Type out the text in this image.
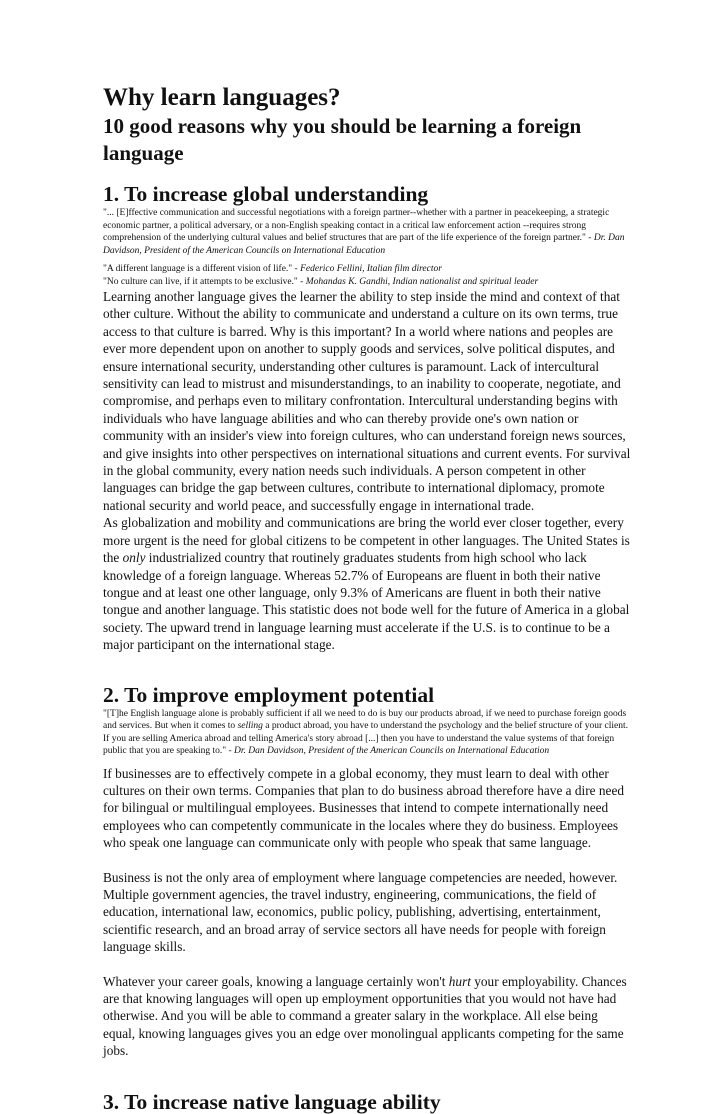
Why learn languages?
10 good reasons why you should be learning a foreign language
1. To increase global understanding

"... [E]ffective communication and successful negotiations with a foreign partner--whether with a partner in peacekeeping, a strategic economic partner, a political adversary, or a non-English speaking contact in a critical law enforcement action --requires strong comprehension of the underlying cultural values and belief structures that are part of the life experience of the foreign partner." - Dr. Dan Davidson, President of the American Councils on International Education

"A different language is a different vision of life." - Federico Fellini, Italian film director

"No culture can live, if it attempts to be exclusive." - Mohandas K. Gandhi, Indian nationalist and spiritual leader

Learning another language gives the learner the ability to step inside the mind and context of that other culture. Without the ability to communicate and understand a culture on its own terms, true access to that culture is barred. Why is this important? In a world where nations and peoples are ever more dependent upon on another to supply goods and services, solve political disputes, and ensure international security, understanding other cultures is paramount. Lack of intercultural sensitivity can lead to mistrust and misunderstandings, to an inability to cooperate, negotiate, and compromise, and perhaps even to military confrontation. Intercultural understanding begins with individuals who have language abilities and who can thereby provide one's own nation or community with an insider's view into foreign cultures, who can understand foreign news sources, and give insights into other perspectives on international situations and current events. For survival in the global community, every nation needs such individuals. A person competent in other languages can bridge the gap between cultures, contribute to international diplomacy, promote national security and world peace, and successfully engage in international trade.

As globalization and mobility and communications are bring the world ever closer together, every more urgent is the need for global citizens to be competent in other languages. The United States is the only industrialized country that routinely graduates students from high school who lack knowledge of a foreign language. Whereas 52.7% of Europeans are fluent in both their native tongue and at least one other language, only 9.3% of Americans are fluent in both their native tongue and another language. This statistic does not bode well for the future of America in a global society. The upward trend in language learning must accelerate if the U.S. is to continue to be a major participant on the international stage.

2. To improve employment potential

"[T]he English language alone is probably sufficient if all we need to do is buy our products abroad, if we need to purchase foreign goods and services. But when it comes to selling a product abroad, you have to understand the psychology and the belief structure of your client. If you are selling America abroad and telling America's story abroad [...] then you have to understand the value systems of that foreign public that you are speaking to." - Dr. Dan Davidson, President of the American Councils on International Education

If businesses are to effectively compete in a global economy, they must learn to deal with other cultures on their own terms. Companies that plan to do business abroad therefore have a dire need for bilingual or multilingual employees. Businesses that intend to compete internationally need employees who can competently communicate in the locales where they do business. Employees who speak one language can communicate only with people who speak that same language.

Business is not the only area of employment where language competencies are needed, however. Multiple government agencies, the travel industry, engineering, communications, the field of education, international law, economics, public policy, publishing, advertising, entertainment, scientific research, and an broad array of service sectors all have needs for people with foreign language skills.

Whatever your career goals, knowing a language certainly won't hurt your employability. Chances are that knowing languages will open up employment opportunities that you would not have had otherwise. And you will be able to command a greater salary in the workplace. All else being equal, knowing languages gives you an edge over monolingual applicants competing for the same jobs.

3. To increase native language ability
